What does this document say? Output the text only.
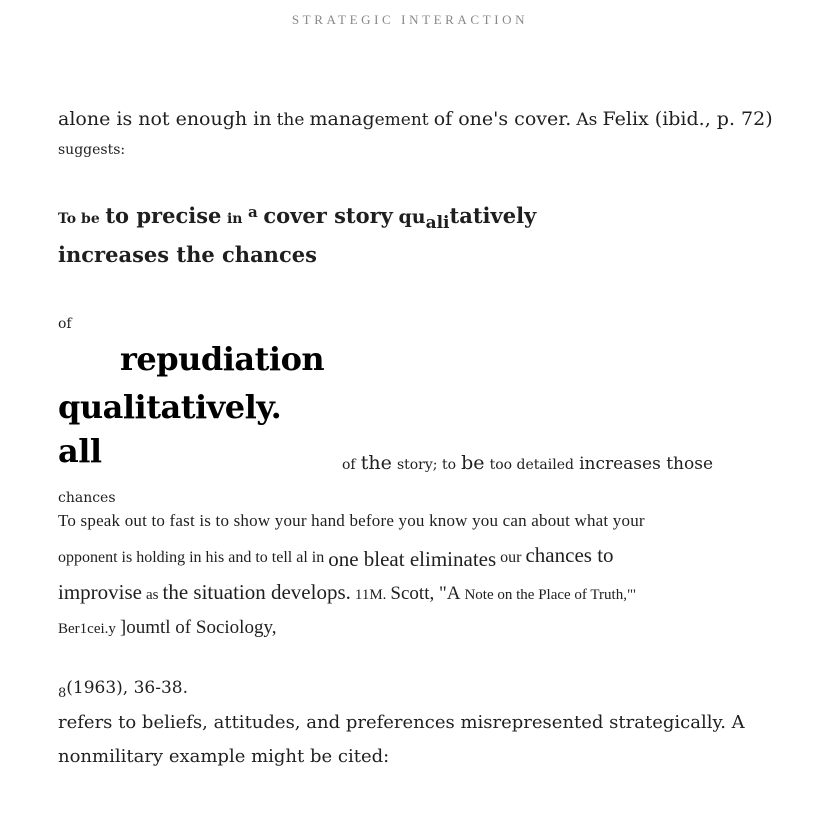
STRATEGIC INTERACTION
alone is not enough in the management of one's cover. As Felix (ibid., p. 72)
suggests:
To be to precise in a cover story qualitatively
increases the chances
of
repudiation
qualitatively.
all	of the story; to be too detailed increases those
chances
To speak out to fast is to show your hand before you know you can about what your
opponent is holding in his and to tell al in one bleat eliminates our chances to
improvise as the situation develops. 11M. Scott, "A Note on the Place of Truth,"'
Ber1cei.y ]oumtl of Sociology,
$_8$(1963), 36-38.
refers to beliefs, attitudes, and preferences misrepresented strategically. A
nonmilitary example might be cited:
